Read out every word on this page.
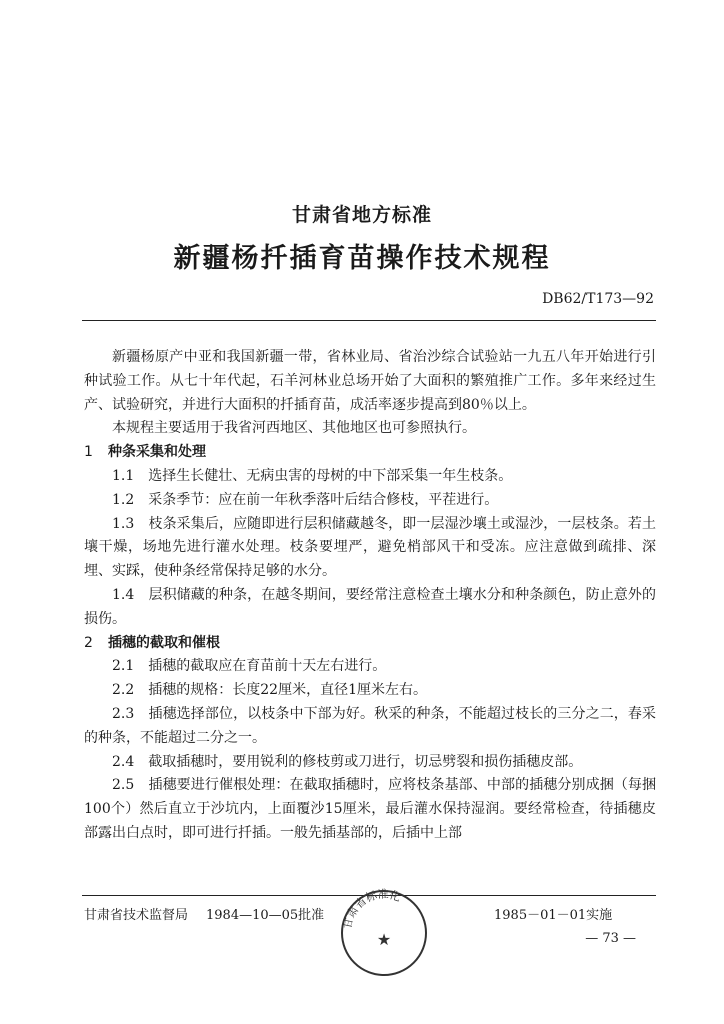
甘肃省地方标准
新疆杨扦插育苗操作技术规程
DB62/T173—92

新疆杨原产中亚和我国新疆一带，省林业局、省治沙综合试验站一九五八年开始进行引种试验工作。从七十年代起，石羊河林业总场开始了大面积的繁殖推广工作。多年来经过生产、试验研究，并进行大面积的扦插育苗，成活率逐步提高到80％以上。

本规程主要适用于我省河西地区、其他地区也可参照执行。

1 种条采集和处理

1.1　选择生长健壮、无病虫害的母树的中下部采集一年生枝条。

1.2　采条季节：应在前一年秋季落叶后结合修枝，平茬进行。

1.3　枝条采集后，应随即进行层积储藏越冬，即一层湿沙壤土或湿沙，一层枝条。若土壤干燥，场地先进行灌水处理。枝条要埋严，避免梢部风干和受冻。应注意做到疏排、深埋、实踩，使种条经常保持足够的水分。

1.4　层积储藏的种条，在越冬期间，要经常注意检查土壤水分和种条颜色，防止意外的损伤。

2 插穗的截取和催根

2.1　插穗的截取应在育苗前十天左右进行。

2.2　插穗的规格：长度22厘米，直径1厘米左右。

2.3　插穗选择部位，以枝条中下部为好。秋采的种条，不能超过枝长的三分之二，春采的种条，不能超过二分之一。

2.4　截取插穗时，要用锐利的修枝剪或刀进行，切忌劈裂和损伤插穗皮部。

2.5　插穗要进行催根处理：在截取插穗时，应将枝条基部、中部的插穗分别成捆（每捆100个）然后直立于沙坑内，上面覆沙15厘米，最后灌水保持湿润。要经常检查，待插穗皮部露出白点时，即可进行扦插。一般先插基部的，后插中上部

甘肃省技术监督局 1984—10—05批准
甘肃省标准化
★
1985－01－01实施
— 73 —
